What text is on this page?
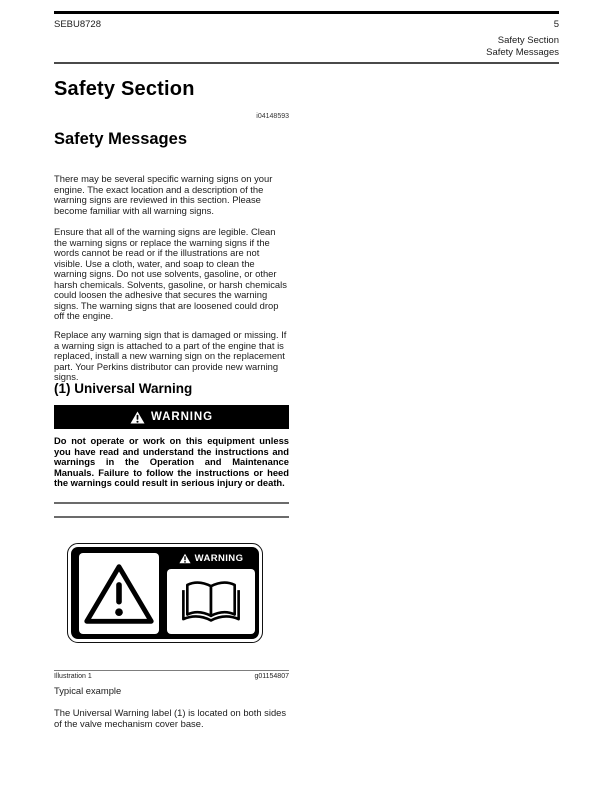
SEBU8728	5
Safety Section
Safety Messages
Safety Section
i04148593
Safety Messages
There may be several specific warning signs on your engine. The exact location and a description of the warning signs are reviewed in this section. Please become familiar with all warning signs.
Ensure that all of the warning signs are legible. Clean the warning signs or replace the warning signs if the words cannot be read or if the illustrations are not visible. Use a cloth, water, and soap to clean the warning signs. Do not use solvents, gasoline, or other harsh chemicals. Solvents, gasoline, or harsh chemicals could loosen the adhesive that secures the warning signs. The warning signs that are loosened could drop off the engine.
Replace any warning sign that is damaged or missing. If a warning sign is attached to a part of the engine that is replaced, install a new warning sign on the replacement part. Your Perkins distributor can provide new warning signs.
(1) Universal Warning
WARNING
Do not operate or work on this equipment unless you have read and understand the instructions and warnings in the Operation and Maintenance Manuals. Failure to follow the instructions or heed the warnings could result in serious injury or death.
WARNING
Illustration 1	g01154807
Typical example
The Universal Warning label (1) is located on both sides of the valve mechanism cover base.
